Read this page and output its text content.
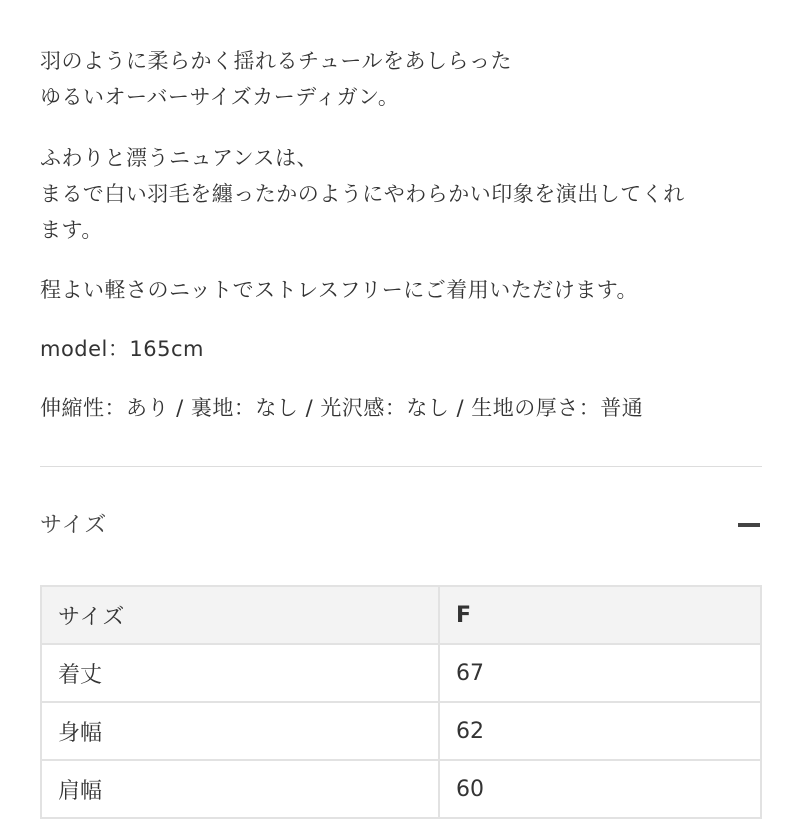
羽のように柔らかく揺れるチュールをあしらった
ゆるいオーバーサイズカーディガン。

ふわりと漂うニュアンスは、
まるで白い羽毛を纏ったかのようにやわらかい印象を演出してくれ
ます。

程よい軽さのニットでストレスフリーにご着用いただけます。

model：165cm

伸縮性：あり / 裏地：なし / 光沢感：なし / 生地の厚さ：普通

サイズ
サイズ	F
着丈	67
身幅	62
肩幅	60
